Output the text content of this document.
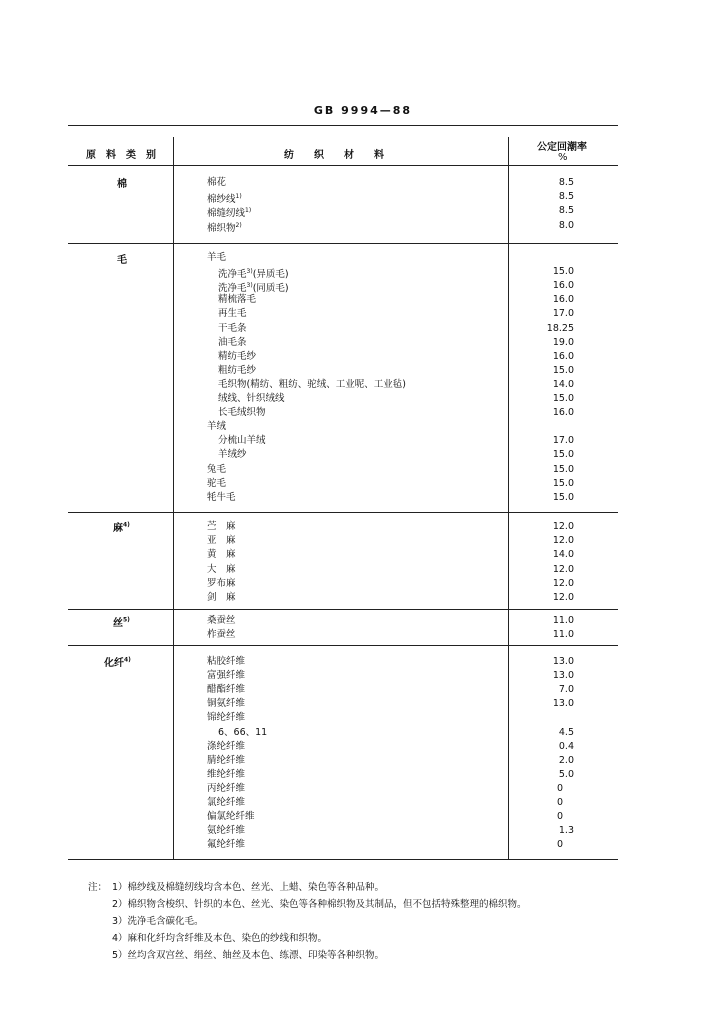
GB 9994—88
原　料　类　别	纺　　织　　材　　料
公定回潮率
%
棉	棉花	8.5
棉纱线$^{1)}$	8.5
棉缝纫线$^{1)}$	8.5
棉织物$^{2)}$	8.0
毛	羊毛
洗净毛$^{3)}$(异质毛)	15.0
洗净毛$^{3)}$(同质毛)	16.0
精梳落毛	16.0
再生毛	17.0
干毛条	18.25
油毛条	19.0
精纺毛纱	16.0
粗纺毛纱	15.0
毛织物(精纺、粗纺、驼绒、工业呢、工业毡)	14.0
绒线、针织绒线	15.0
长毛绒织物	16.0
羊绒
分梳山羊绒	17.0
羊绒纱	15.0
兔毛	15.0
驼毛	15.0
牦牛毛	15.0
麻$^{4)}$	苎　麻	12.0
亚　麻	12.0
黄　麻	14.0
大　麻	12.0
罗布麻	12.0
剑　麻	12.0
丝$^{5)}$	桑蚕丝	11.0
柞蚕丝	11.0
化纤$^{4)}$	粘胶纤维	13.0
富强纤维	13.0
醋酯纤维	7.0
铜氨纤维	13.0
锦纶纤维
6、66、11	4.5
涤纶纤维	0.4
腈纶纤维	2.0
维纶纤维	5.0
丙纶纤维	0
氯纶纤维	0
偏氯纶纤维	0
氨纶纤维	1.3
氟纶纤维	0
注： 1）棉纱线及棉缝纫线均含本色、丝光、上蜡、染色等各种品种。
2）棉织物含梭织、针织的本色、丝光、染色等各种棉织物及其制品，但不包括特殊整理的棉织物。
3）洗净毛含碳化毛。
4）麻和化纤均含纤维及本色、染色的纱线和织物。
5）丝均含双宫丝、绢丝、䌷丝及本色、练漂、印染等各种织物。
